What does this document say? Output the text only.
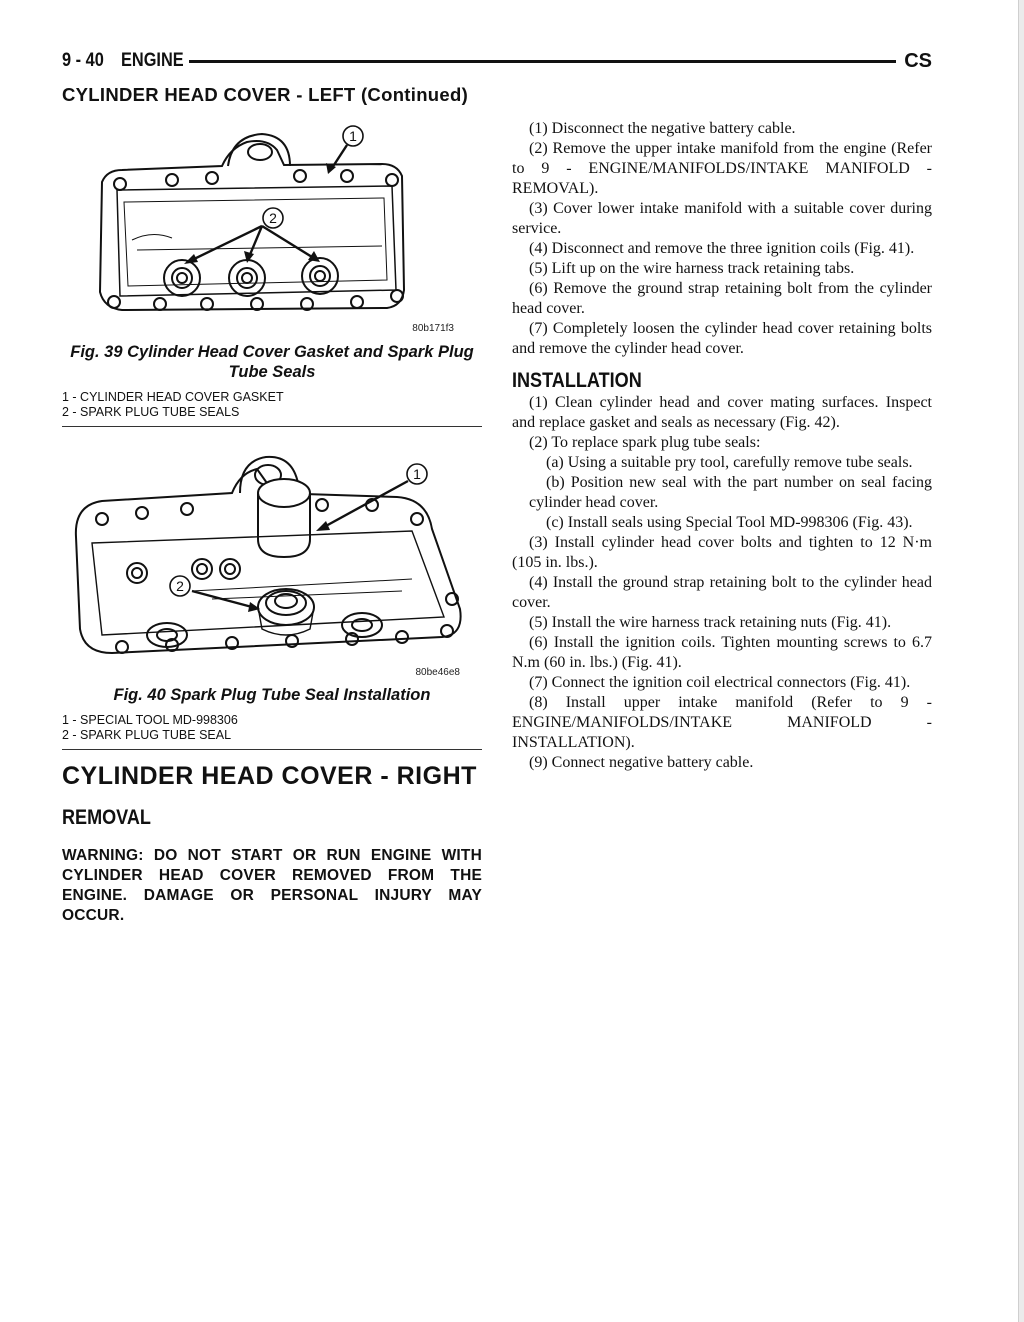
9 - 40 ENGINE	CS
CYLINDER HEAD COVER - LEFT (Continued)
1
2
80b171f3
Fig. 39 Cylinder Head Cover Gasket and Spark Plug Tube Seals
1 - CYLINDER HEAD COVER GASKET
2 - SPARK PLUG TUBE SEALS
1
2
80be46e8
Fig. 40 Spark Plug Tube Seal Installation
1 - SPECIAL TOOL MD-998306
2 - SPARK PLUG TUBE SEAL
CYLINDER HEAD COVER - RIGHT
REMOVAL
WARNING: DO NOT START OR RUN ENGINE WITH CYLINDER HEAD COVER REMOVED FROM THE ENGINE. DAMAGE OR PERSONAL INJURY MAY OCCUR.

(1) Disconnect the negative battery cable.

(2) Remove the upper intake manifold from the engine (Refer to 9 - ENGINE/MANIFOLDS/INTAKE MANIFOLD - REMOVAL).

(3) Cover lower intake manifold with a suitable cover during service.

(4) Disconnect and remove the three ignition coils (Fig. 41).

(5) Lift up on the wire harness track retaining tabs.

(6) Remove the ground strap retaining bolt from the cylinder head cover.

(7) Completely loosen the cylinder head cover retaining bolts and remove the cylinder head cover.

INSTALLATION

(1) Clean cylinder head and cover mating surfaces. Inspect and replace gasket and seals as necessary (Fig. 42).

(2) To replace spark plug tube seals:

(a) Using a suitable pry tool, carefully remove tube seals.

(b) Position new seal with the part number on seal facing cylinder head cover.

(c) Install seals using Special Tool MD-998306 (Fig. 43).

(3) Install cylinder head cover bolts and tighten to 12 N·m (105 in. lbs.).

(4) Install the ground strap retaining bolt to the cylinder head cover.

(5) Install the wire harness track retaining nuts (Fig. 41).

(6) Install the ignition coils. Tighten mounting screws to 6.7 N.m (60 in. lbs.) (Fig. 41).

(7) Connect the ignition coil electrical connectors (Fig. 41).

(8) Install upper intake manifold (Refer to 9 - ENGINE/MANIFOLDS/INTAKE MANIFOLD - INSTALLATION).

(9) Connect negative battery cable.
